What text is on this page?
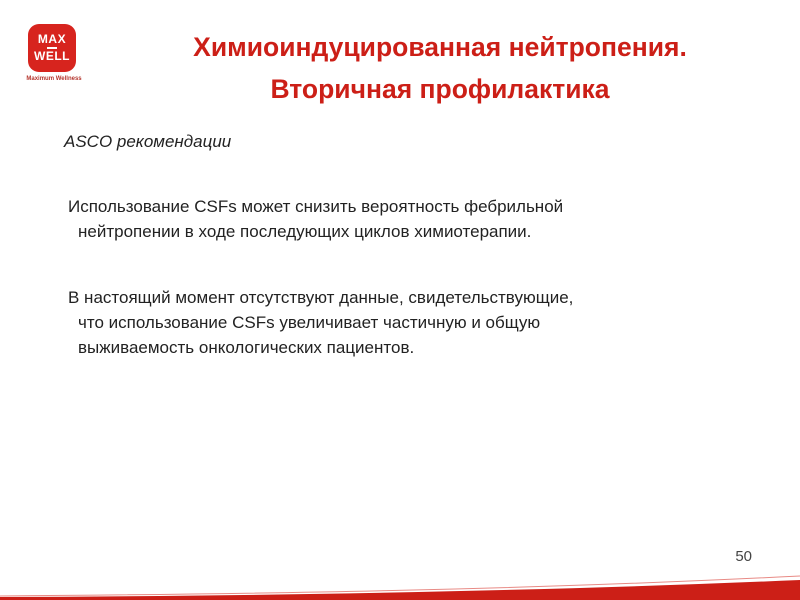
MAX
WELL
Maximum Wellness
Химиоиндуцированная нейтропения.
Вторичная профилактика
ASCO рекомендации
Использование CSFs может снизить вероятность фебрильной
нейтропении в ходе последующих циклов химиотерапии.
В настоящий момент отсутствуют данные, свидетельствующие,
что использование CSFs увеличивает частичную и общую
выживаемость онкологических пациентов.
50
